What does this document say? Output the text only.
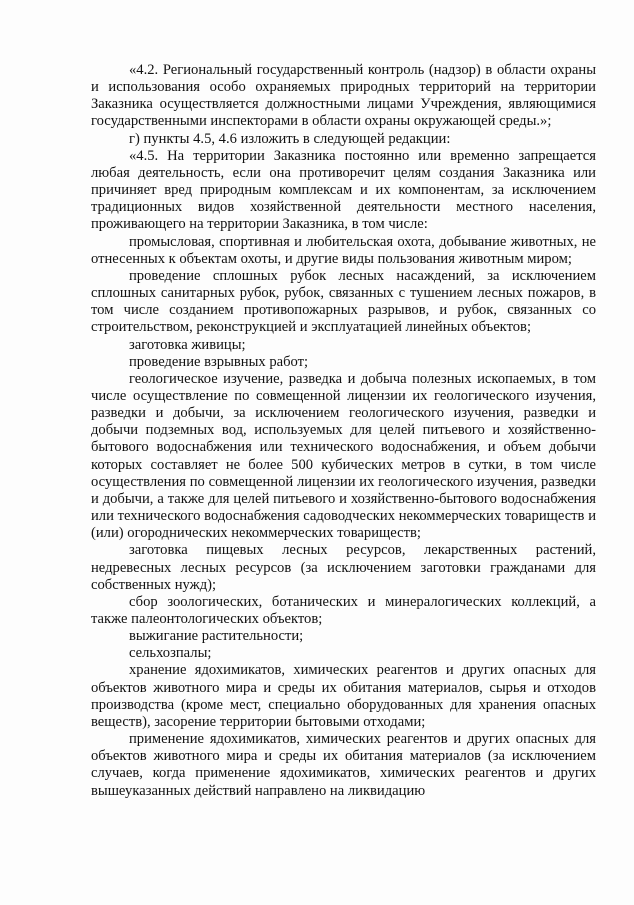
«4.2. Региональный государственный контроль (надзор) в области охраны и использования особо охраняемых природных территорий на территории Заказника осуществляется должностными лицами Учреждения, являющимися государственными инспекторами в области охраны окружающей среды.»;

г) пункты 4.5, 4.6 изложить в следующей редакции:

«4.5. На территории Заказника постоянно или временно запрещается любая деятельность, если она противоречит целям создания Заказника или причиняет вред природным комплексам и их компонентам, за исключением традиционных видов хозяйственной деятельности местного населения, проживающего на территории Заказника, в том числе:

промысловая, спортивная и любительская охота, добывание животных, не отнесенных к объектам охоты, и другие виды пользования животным миром;

проведение сплошных рубок лесных насаждений, за исключением сплошных санитарных рубок, рубок, связанных с тушением лесных пожаров, в том числе созданием противопожарных разрывов, и рубок, связанных со строительством, реконструкцией и эксплуатацией линейных объектов;

заготовка живицы;

проведение взрывных работ;

геологическое изучение, разведка и добыча полезных ископаемых, в том числе осуществление по совмещенной лицензии их геологического изучения, разведки и добычи, за исключением геологического изучения, разведки и добычи подземных вод, используемых для целей питьевого и хозяйственно-бытового водоснабжения или технического водоснабжения, и объем добычи которых составляет не более 500 кубических метров в сутки, в том числе осуществления по совмещенной лицензии их геологического изучения, разведки и добычи, а также для целей питьевого и хозяйственно-бытового водоснабжения или технического водоснабжения садоводческих некоммерческих товариществ и (или) огороднических некоммерческих товариществ;

заготовка пищевых лесных ресурсов, лекарственных растений, недревесных лесных ресурсов (за исключением заготовки гражданами для собственных нужд);

сбор зоологических, ботанических и минералогических коллекций, а также палеонтологических объектов;

выжигание растительности;

сельхозпалы;

хранение ядохимикатов, химических реагентов и других опасных для объектов животного мира и среды их обитания материалов, сырья и отходов производства (кроме мест, специально оборудованных для хранения опасных веществ), засорение территории бытовыми отходами;

применение ядохимикатов, химических реагентов и других опасных для объектов животного мира и среды их обитания материалов (за исключением случаев, когда применение ядохимикатов, химических реагентов и других вышеуказанных действий направлено на ликвидацию
